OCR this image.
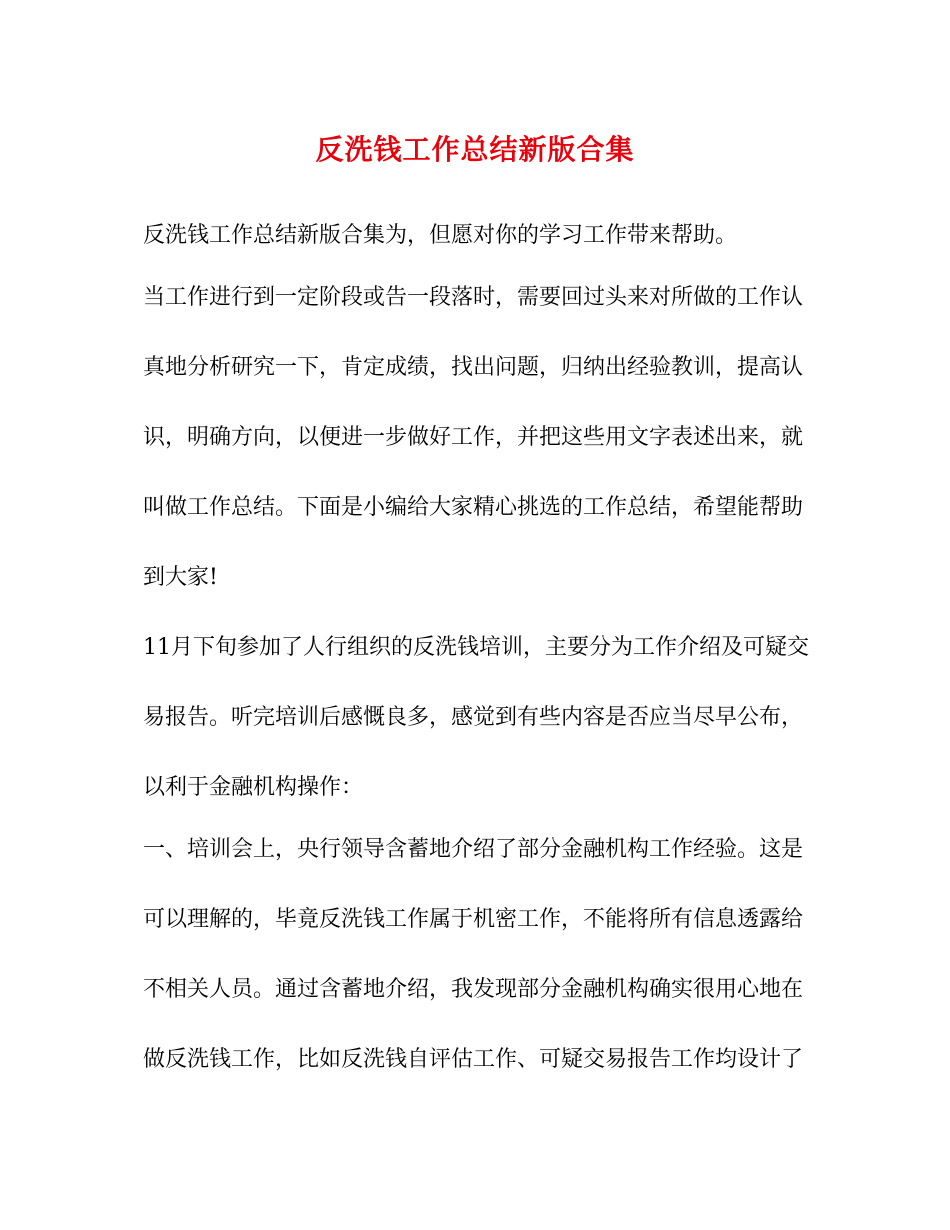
反洗钱工作总结新版合集
反洗钱工作总结新版合集为，但愿对你的学习工作带来帮助。
当工作进行到一定阶段或告一段落时，需要回过头来对所做的工作认
真地分析研究一下，肯定成绩，找出问题，归纳出经验教训，提高认
识，明确方向，以便进一步做好工作，并把这些用文字表述出来，就
叫做工作总结。下面是小编给大家精心挑选的工作总结，希望能帮助
到大家!
11月下旬参加了人行组织的反洗钱培训，主要分为工作介绍及可疑交
易报告。听完培训后感慨良多，感觉到有些内容是否应当尽早公布，
以利于金融机构操作：
一、培训会上，央行领导含蓄地介绍了部分金融机构工作经验。这是
可以理解的，毕竟反洗钱工作属于机密工作，不能将所有信息透露给
不相关人员。通过含蓄地介绍，我发现部分金融机构确实很用心地在
做反洗钱工作，比如反洗钱自评估工作、可疑交易报告工作均设计了
